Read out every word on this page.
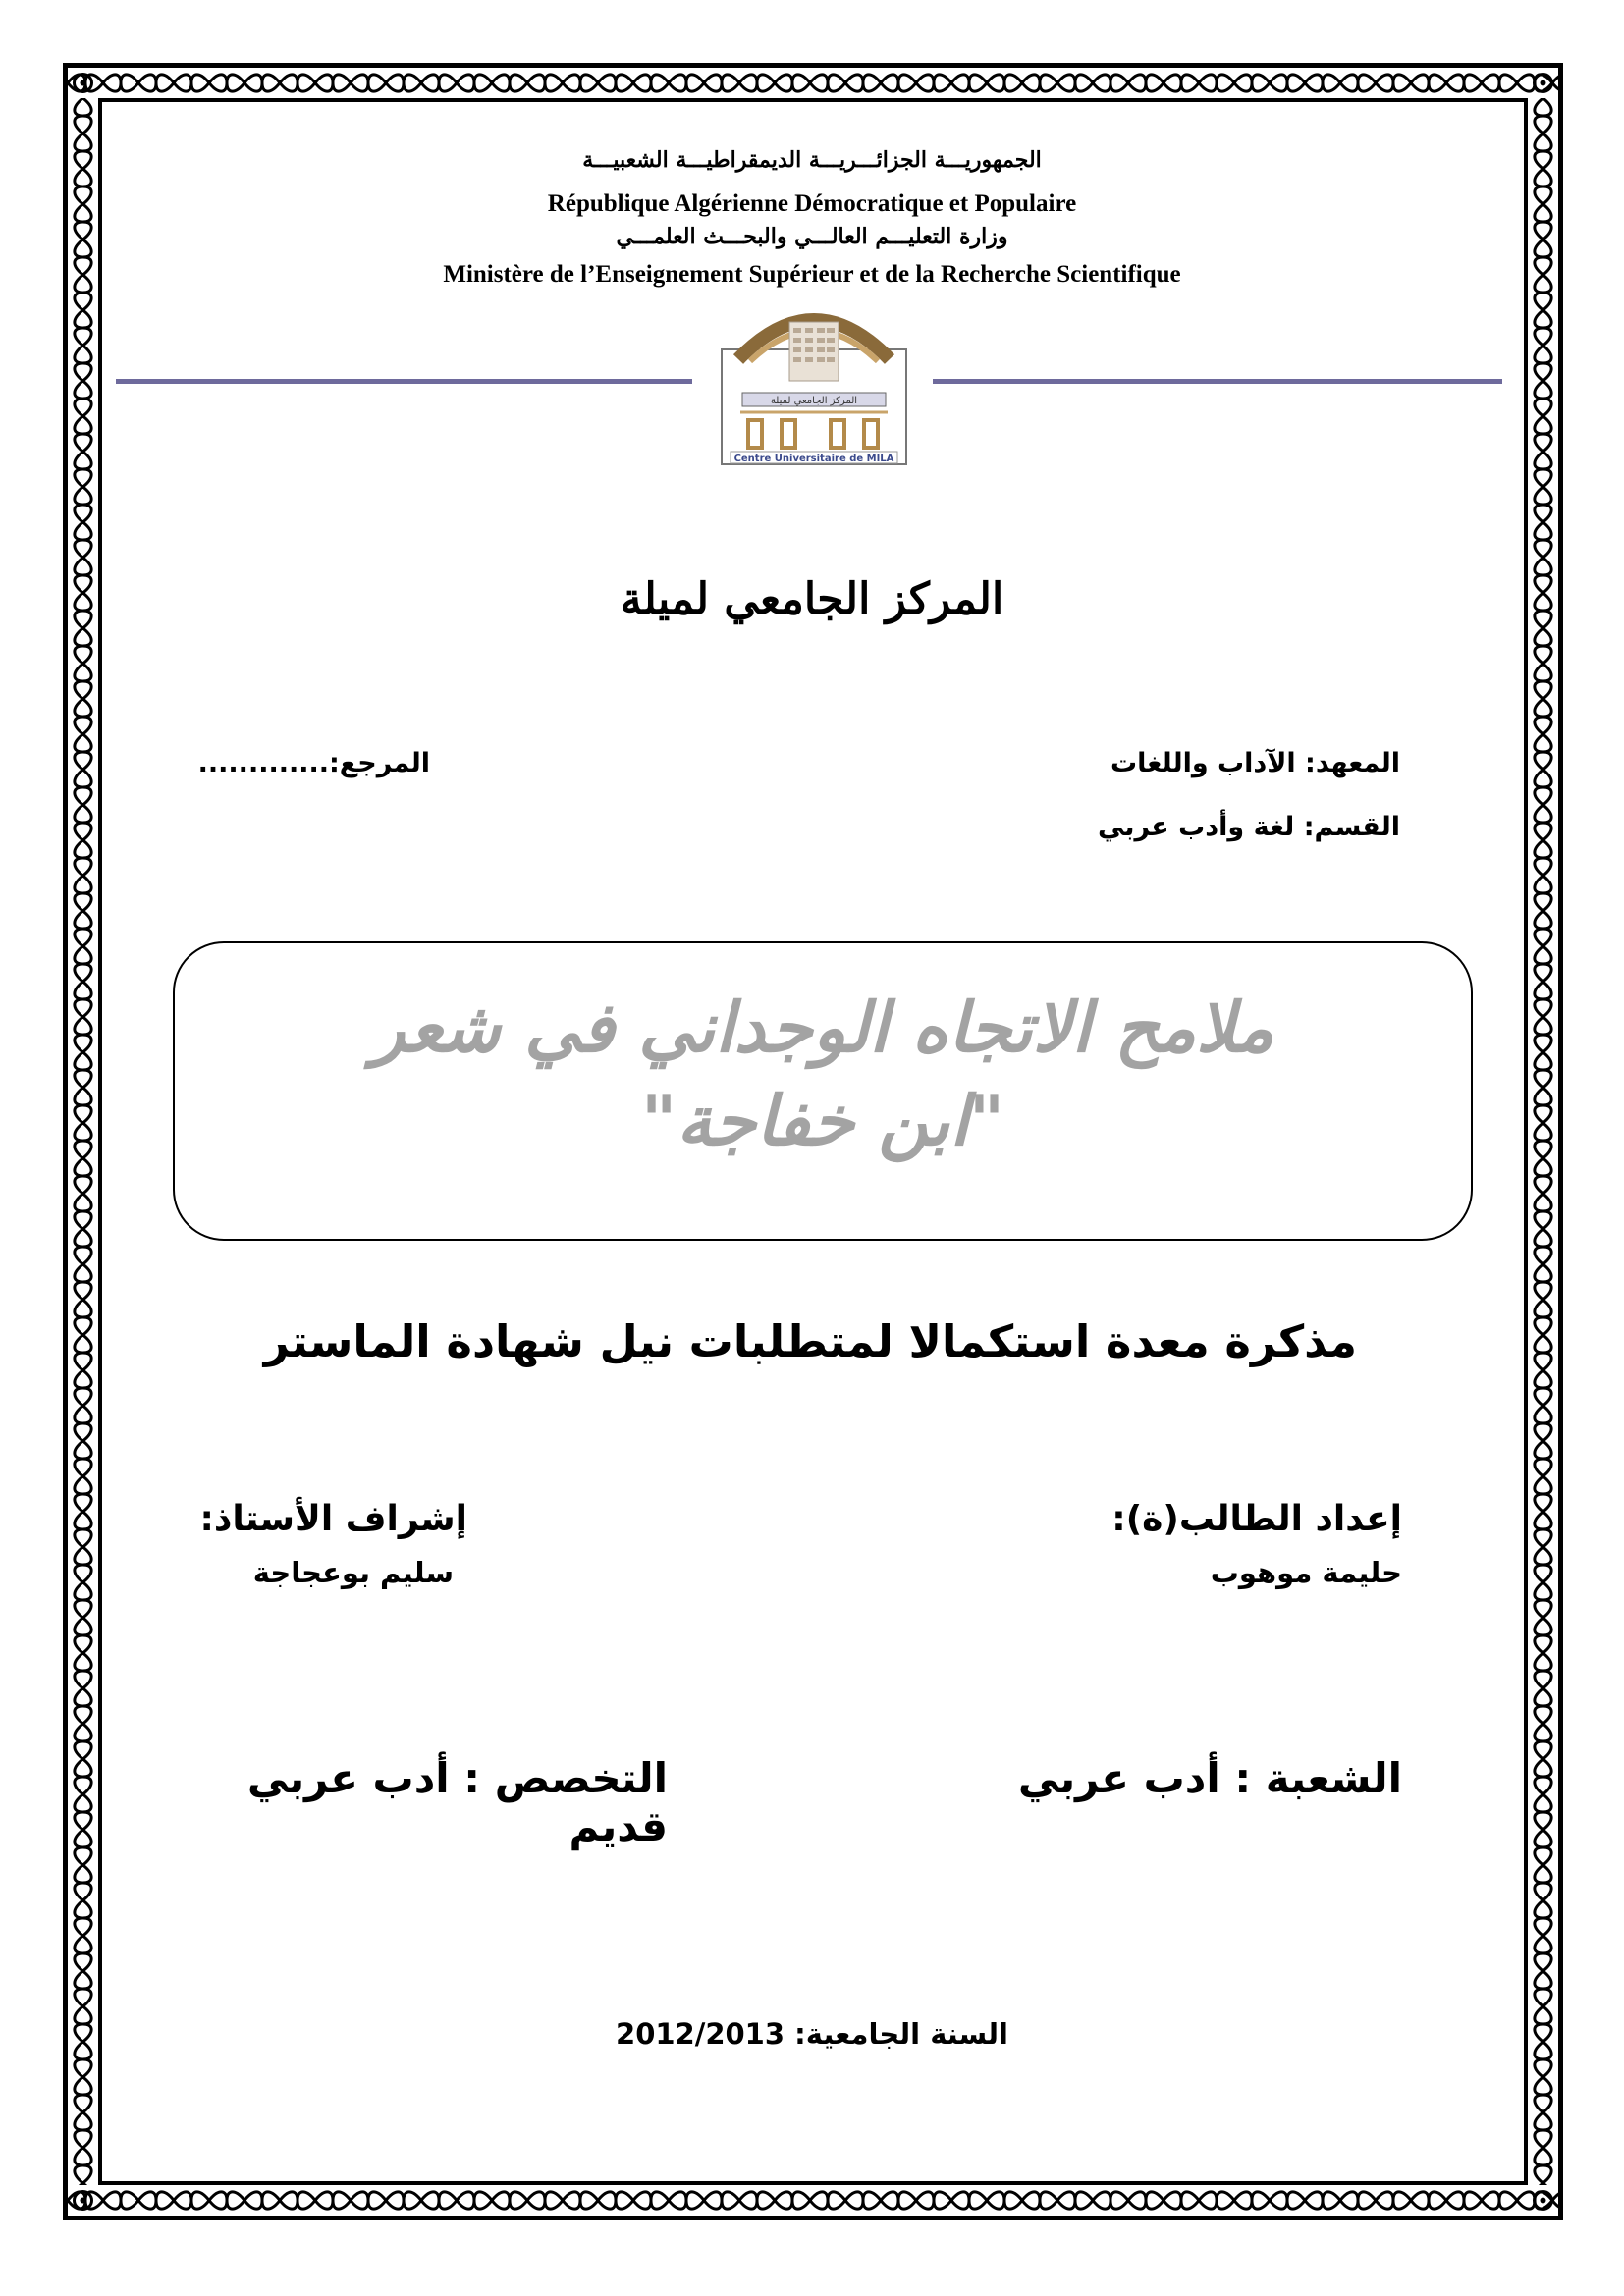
الجمهوريـــة الجزائـــريـــة الديمقراطيـــة الشعبيـــة
République Algérienne Démocratique et Populaire
وزارة التعليـــم العالـــي والبحـــث العلمـــي
Ministère de l’Enseignement Supérieur et de la Recherche Scientifique
المركز الجامعي لميلة
Centre Universitaire de MILA
المركز الجامعي لميلة
المعهد: الآداب واللغات
القسم: لغة وأدب عربي
المرجع:.............
ملامح الاتجاه الوجداني في شعر
"ابن خفاجة"
مذكرة معدة استكمالا لمتطلبات نيل شهادة الماستر
إعداد الطالب(ة):
حليمة موهوب
إشراف الأستاذ:
سليم بوعجاجة
الشعبة : أدب عربي
التخصص : أدب عربي قديم
السنة الجامعية: 2012/2013
